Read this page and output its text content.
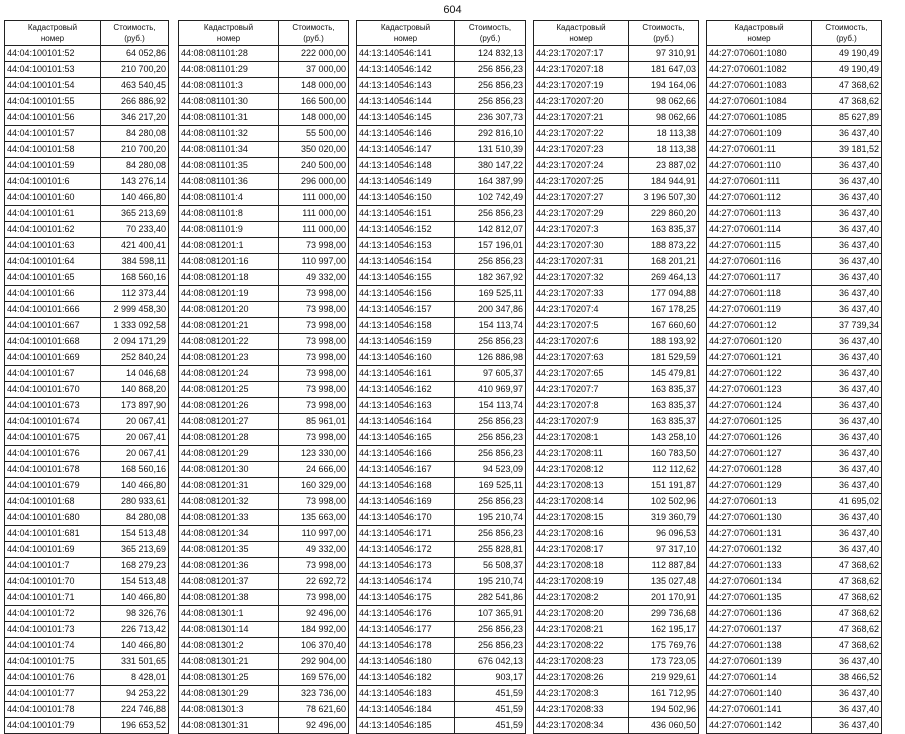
604
Кадастровый
номер	Стоимость,
(руб.)
44:04:100101:52	64 052,86
44:04:100101:53	210 700,20
44:04:100101:54	463 540,45
44:04:100101:55	266 886,92
44:04:100101:56	346 217,20
44:04:100101:57	84 280,08
44:04:100101:58	210 700,20
44:04:100101:59	84 280,08
44:04:100101:6	143 276,14
44:04:100101:60	140 466,80
44:04:100101:61	365 213,69
44:04:100101:62	70 233,40
44:04:100101:63	421 400,41
44:04:100101:64	384 598,11
44:04:100101:65	168 560,16
44:04:100101:66	112 373,44
44:04:100101:666	2 999 458,30
44:04:100101:667	1 333 092,58
44:04:100101:668	2 094 171,29
44:04:100101:669	252 840,24
44:04:100101:67	14 046,68
44:04:100101:670	140 868,20
44:04:100101:673	173 897,90
44:04:100101:674	20 067,41
44:04:100101:675	20 067,41
44:04:100101:676	20 067,41
44:04:100101:678	168 560,16
44:04:100101:679	140 466,80
44:04:100101:68	280 933,61
44:04:100101:680	84 280,08
44:04:100101:681	154 513,48
44:04:100101:69	365 213,69
44:04:100101:7	168 279,23
44:04:100101:70	154 513,48
44:04:100101:71	140 466,80
44:04:100101:72	98 326,76
44:04:100101:73	226 713,42
44:04:100101:74	140 466,80
44:04:100101:75	331 501,65
44:04:100101:76	8 428,01
44:04:100101:77	94 253,22
44:04:100101:78	224 746,88
44:04:100101:79	196 653,52
Кадастровый
номер	Стоимость,
(руб.)
44:08:081101:28	222 000,00
44:08:081101:29	37 000,00
44:08:081101:3	148 000,00
44:08:081101:30	166 500,00
44:08:081101:31	148 000,00
44:08:081101:32	55 500,00
44:08:081101:34	350 020,00
44:08:081101:35	240 500,00
44:08:081101:36	296 000,00
44:08:081101:4	111 000,00
44:08:081101:8	111 000,00
44:08:081101:9	111 000,00
44:08:081201:1	73 998,00
44:08:081201:16	110 997,00
44:08:081201:18	49 332,00
44:08:081201:19	73 998,00
44:08:081201:20	73 998,00
44:08:081201:21	73 998,00
44:08:081201:22	73 998,00
44:08:081201:23	73 998,00
44:08:081201:24	73 998,00
44:08:081201:25	73 998,00
44:08:081201:26	73 998,00
44:08:081201:27	85 961,01
44:08:081201:28	73 998,00
44:08:081201:29	123 330,00
44:08:081201:30	24 666,00
44:08:081201:31	160 329,00
44:08:081201:32	73 998,00
44:08:081201:33	135 663,00
44:08:081201:34	110 997,00
44:08:081201:35	49 332,00
44:08:081201:36	73 998,00
44:08:081201:37	22 692,72
44:08:081201:38	73 998,00
44:08:081301:1	92 496,00
44:08:081301:14	184 992,00
44:08:081301:2	106 370,40
44:08:081301:21	292 904,00
44:08:081301:25	169 576,00
44:08:081301:29	323 736,00
44:08:081301:3	78 621,60
44:08:081301:31	92 496,00
Кадастровый
номер	Стоимость,
(руб.)
44:13:140546:141	124 832,13
44:13:140546:142	256 856,23
44:13:140546:143	256 856,23
44:13:140546:144	256 856,23
44:13:140546:145	236 307,73
44:13:140546:146	292 816,10
44:13:140546:147	131 510,39
44:13:140546:148	380 147,22
44:13:140546:149	164 387,99
44:13:140546:150	102 742,49
44:13:140546:151	256 856,23
44:13:140546:152	142 812,07
44:13:140546:153	157 196,01
44:13:140546:154	256 856,23
44:13:140546:155	182 367,92
44:13:140546:156	169 525,11
44:13:140546:157	200 347,86
44:13:140546:158	154 113,74
44:13:140546:159	256 856,23
44:13:140546:160	126 886,98
44:13:140546:161	97 605,37
44:13:140546:162	410 969,97
44:13:140546:163	154 113,74
44:13:140546:164	256 856,23
44:13:140546:165	256 856,23
44:13:140546:166	256 856,23
44:13:140546:167	94 523,09
44:13:140546:168	169 525,11
44:13:140546:169	256 856,23
44:13:140546:170	195 210,74
44:13:140546:171	256 856,23
44:13:140546:172	255 828,81
44:13:140546:173	56 508,37
44:13:140546:174	195 210,74
44:13:140546:175	282 541,86
44:13:140546:176	107 365,91
44:13:140546:177	256 856,23
44:13:140546:178	256 856,23
44:13:140546:180	676 042,13
44:13:140546:182	903,17
44:13:140546:183	451,59
44:13:140546:184	451,59
44:13:140546:185	451,59
Кадастровый
номер	Стоимость,
(руб.)
44:23:170207:17	97 310,91
44:23:170207:18	181 647,03
44:23:170207:19	194 164,06
44:23:170207:20	98 062,66
44:23:170207:21	98 062,66
44:23:170207:22	18 113,38
44:23:170207:23	18 113,38
44:23:170207:24	23 887,02
44:23:170207:25	184 944,91
44:23:170207:27	3 196 507,30
44:23:170207:29	229 860,20
44:23:170207:3	163 835,37
44:23:170207:30	188 873,22
44:23:170207:31	168 201,21
44:23:170207:32	269 464,13
44:23:170207:33	177 094,88
44:23:170207:4	167 178,25
44:23:170207:5	167 660,60
44:23:170207:6	188 193,92
44:23:170207:63	181 529,59
44:23:170207:65	145 479,81
44:23:170207:7	163 835,37
44:23:170207:8	163 835,37
44:23:170207:9	163 835,37
44:23:170208:1	143 258,10
44:23:170208:11	160 783,50
44:23:170208:12	112 112,62
44:23:170208:13	151 191,87
44:23:170208:14	102 502,96
44:23:170208:15	319 360,79
44:23:170208:16	96 096,53
44:23:170208:17	97 317,10
44:23:170208:18	112 887,84
44:23:170208:19	135 027,48
44:23:170208:2	201 170,91
44:23:170208:20	299 736,68
44:23:170208:21	162 195,17
44:23:170208:22	175 769,76
44:23:170208:23	173 723,05
44:23:170208:26	219 929,61
44:23:170208:3	161 712,95
44:23:170208:33	194 502,96
44:23:170208:34	436 060,50
Кадастровый
номер	Стоимость,
(руб.)
44:27:070601:1080	49 190,49
44:27:070601:1082	49 190,49
44:27:070601:1083	47 368,62
44:27:070601:1084	47 368,62
44:27:070601:1085	85 627,89
44:27:070601:109	36 437,40
44:27:070601:11	39 181,52
44:27:070601:110	36 437,40
44:27:070601:111	36 437,40
44:27:070601:112	36 437,40
44:27:070601:113	36 437,40
44:27:070601:114	36 437,40
44:27:070601:115	36 437,40
44:27:070601:116	36 437,40
44:27:070601:117	36 437,40
44:27:070601:118	36 437,40
44:27:070601:119	36 437,40
44:27:070601:12	37 739,34
44:27:070601:120	36 437,40
44:27:070601:121	36 437,40
44:27:070601:122	36 437,40
44:27:070601:123	36 437,40
44:27:070601:124	36 437,40
44:27:070601:125	36 437,40
44:27:070601:126	36 437,40
44:27:070601:127	36 437,40
44:27:070601:128	36 437,40
44:27:070601:129	36 437,40
44:27:070601:13	41 695,02
44:27:070601:130	36 437,40
44:27:070601:131	36 437,40
44:27:070601:132	36 437,40
44:27:070601:133	47 368,62
44:27:070601:134	47 368,62
44:27:070601:135	47 368,62
44:27:070601:136	47 368,62
44:27:070601:137	47 368,62
44:27:070601:138	47 368,62
44:27:070601:139	36 437,40
44:27:070601:14	38 466,52
44:27:070601:140	36 437,40
44:27:070601:141	36 437,40
44:27:070601:142	36 437,40
